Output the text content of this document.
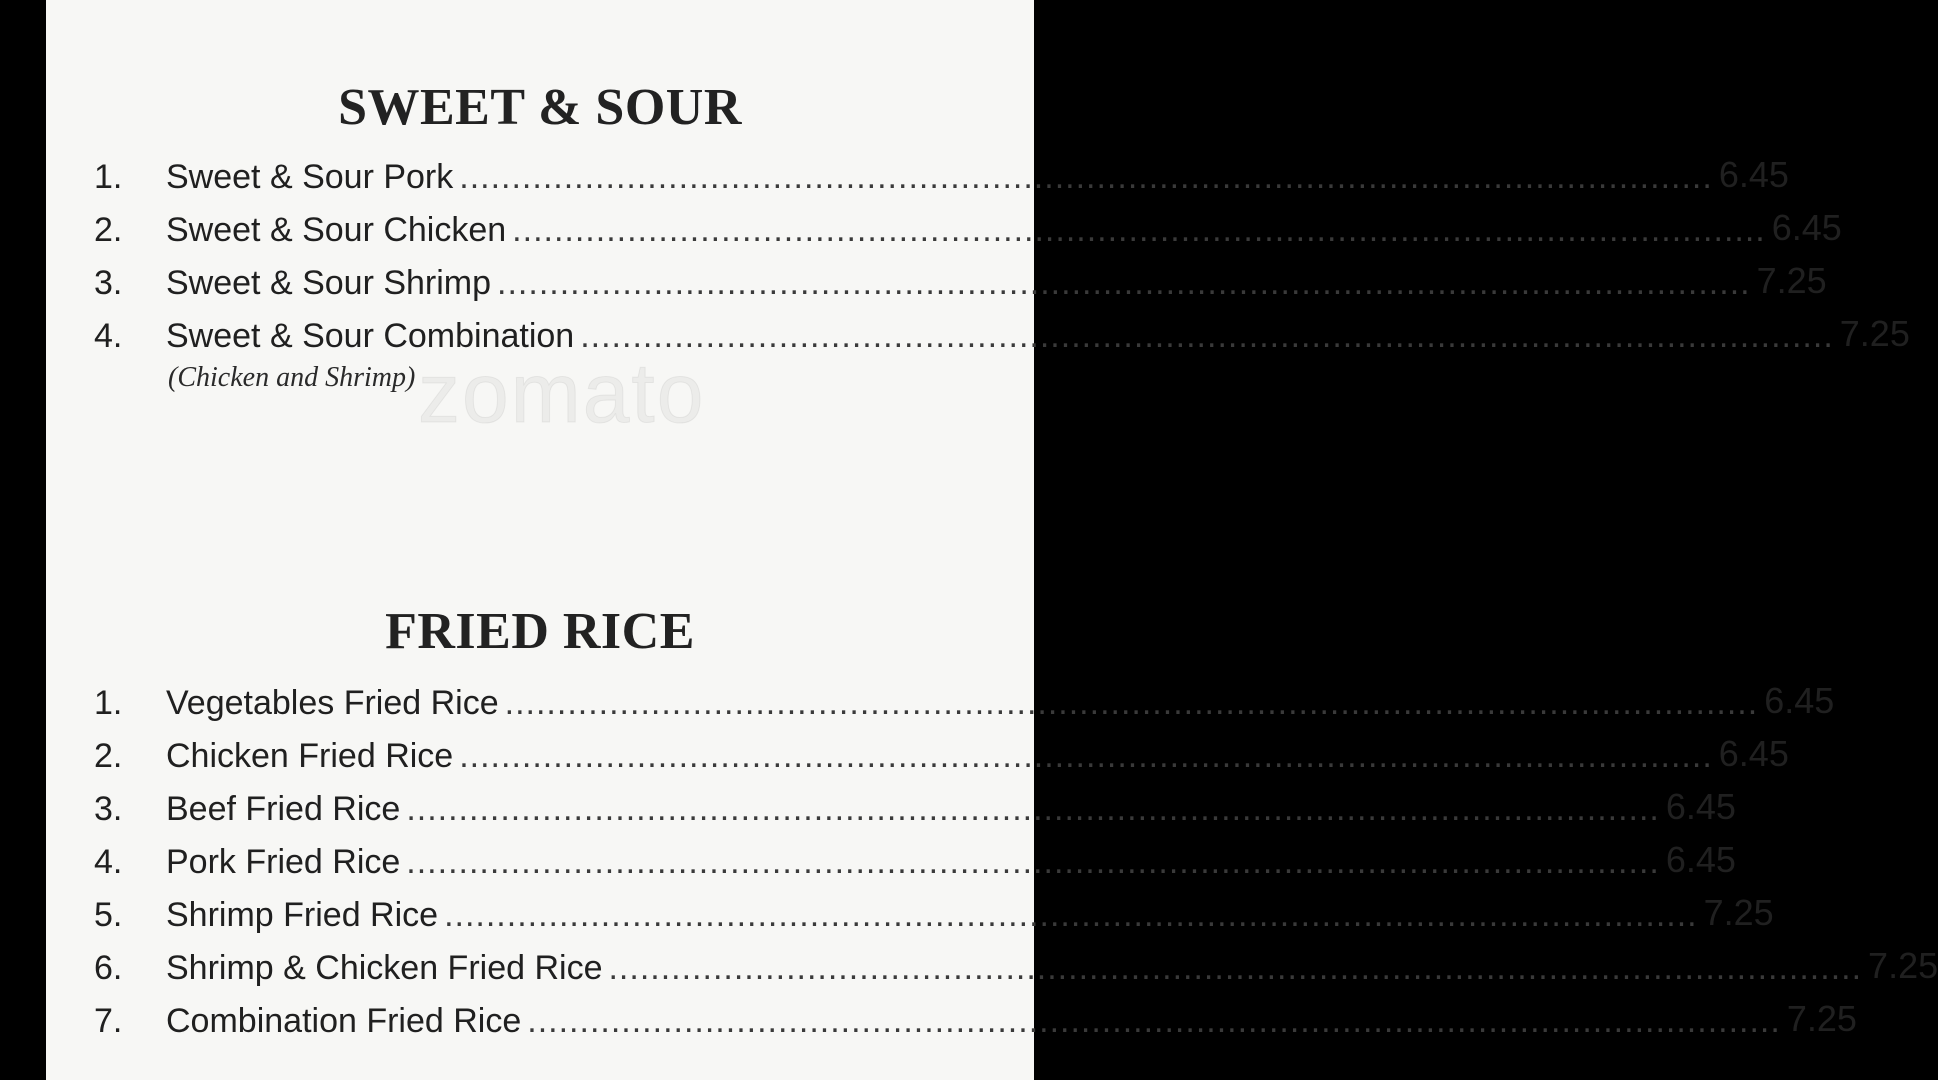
zomato
SWEET & SOUR
1.	Sweet & Sour Pork ........................................................................................................................ 6.45
2.	Sweet & Sour Chicken ........................................................................................................................ 6.45
3.	Sweet & Sour Shrimp ........................................................................................................................ 7.25
4.	Sweet & Sour Combination ........................................................................................................................ 7.25
(Chicken and Shrimp)
FRIED RICE
1.	Vegetables Fried Rice ........................................................................................................................ 6.45
2.	Chicken Fried Rice ........................................................................................................................ 6.45
3.	Beef Fried Rice ........................................................................................................................ 6.45
4.	Pork Fried Rice ........................................................................................................................ 6.45
5.	Shrimp Fried Rice ........................................................................................................................ 7.25
6.	Shrimp & Chicken Fried Rice ........................................................................................................................ 7.25
7.	Combination Fried Rice ........................................................................................................................ 7.25
